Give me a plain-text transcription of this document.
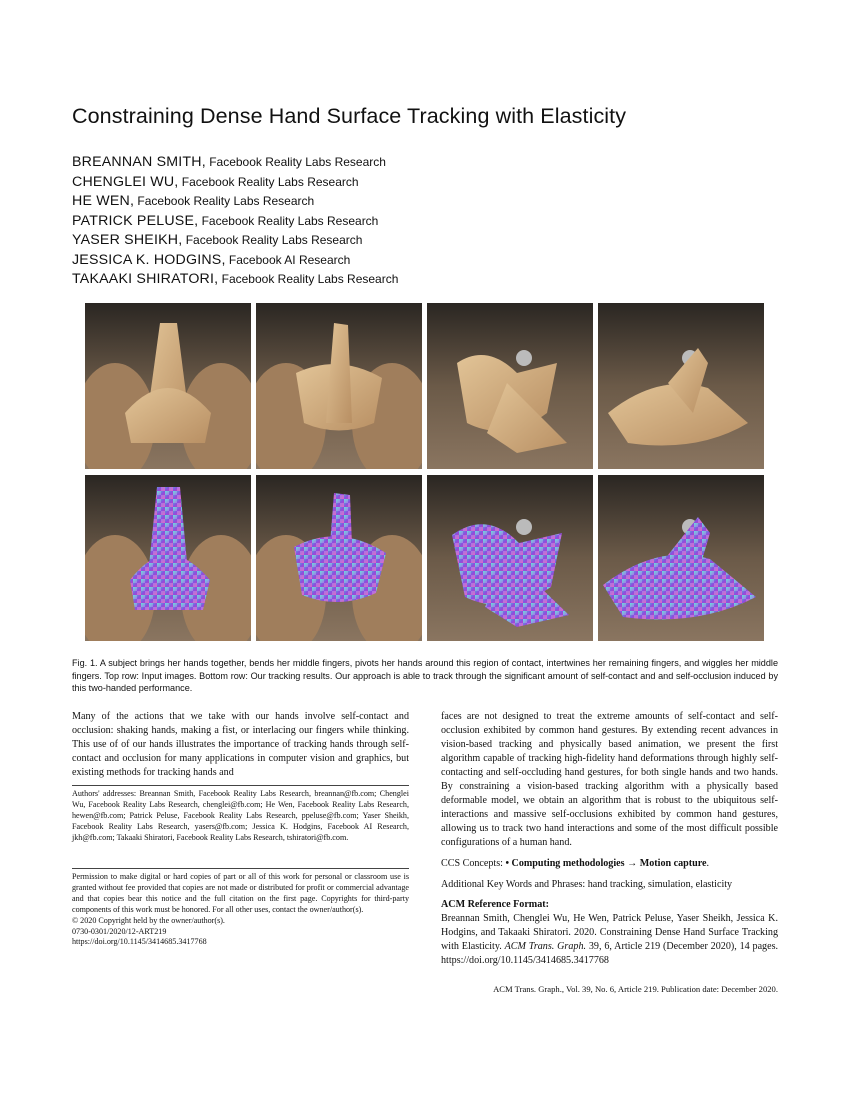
Constraining Dense Hand Surface Tracking with Elasticity
BREANNAN SMITH, Facebook Reality Labs Research
CHENGLEI WU, Facebook Reality Labs Research
HE WEN, Facebook Reality Labs Research
PATRICK PELUSE, Facebook Reality Labs Research
YASER SHEIKH, Facebook Reality Labs Research
JESSICA K. HODGINS, Facebook AI Research
TAKAAKI SHIRATORI, Facebook Reality Labs Research
Fig. 1. A subject brings her hands together, bends her middle fingers, pivots her hands around this region of contact, intertwines her remaining fingers, and wiggles her middle fingers. Top row: Input images. Bottom row: Our tracking results. Our approach is able to track through the significant amount of self-contact and and self-occlusion induced by this two-handed performance.

Many of the actions that we take with our hands involve self-contact and occlusion: shaking hands, making a fist, or interlacing our fingers while thinking. This use of of our hands illustrates the importance of tracking hands through self-contact and occlusion for many applications in computer vision and graphics, but existing methods for tracking hands and

Authors' addresses: Breannan Smith, Facebook Reality Labs Research, breannan@fb.com; Chenglei Wu, Facebook Reality Labs Research, chenglei@fb.com; He Wen, Facebook Reality Labs Research, hewen@fb.com; Patrick Peluse, Facebook Reality Labs Research, ppeluse@fb.com; Yaser Sheikh, Facebook Reality Labs Research, yasers@fb.com; Jessica K. Hodgins, Facebook AI Research, jkh@fb.com; Takaaki Shiratori, Facebook Reality Labs Research, tshiratori@fb.com.
Permission to make digital or hard copies of part or all of this work for personal or classroom use is granted without fee provided that copies are not made or distributed for profit or commercial advantage and that copies bear this notice and the full citation on the first page. Copyrights for third-party components of this work must be honored. For all other uses, contact the owner/author(s).
© 2020 Copyright held by the owner/author(s).
0730-0301/2020/12-ART219
https://doi.org/10.1145/3414685.3417768

faces are not designed to treat the extreme amounts of self-contact and self-occlusion exhibited by common hand gestures. By extending recent advances in vision-based tracking and physically based animation, we present the first algorithm capable of tracking high-fidelity hand deformations through highly self-contacting and self-occluding hand gestures, for both single hands and two hands. By constraining a vision-based tracking algorithm with a physically based deformable model, we obtain an algorithm that is robust to the ubiquitous self-interactions and massive self-occlusions exhibited by common hand gestures, allowing us to track two hand interactions and some of the most difficult possible configurations of a human hand.

CCS Concepts: • Computing methodologies → Motion capture.

Additional Key Words and Phrases: hand tracking, simulation, elasticity

ACM Reference Format:

Breannan Smith, Chenglei Wu, He Wen, Patrick Peluse, Yaser Sheikh, Jessica K. Hodgins, and Takaaki Shiratori. 2020. Constraining Dense Hand Surface Tracking with Elasticity. ACM Trans. Graph. 39, 6, Article 219 (December 2020), 14 pages. https://doi.org/10.1145/3414685.3417768

ACM Trans. Graph., Vol. 39, No. 6, Article 219. Publication date: December 2020.
